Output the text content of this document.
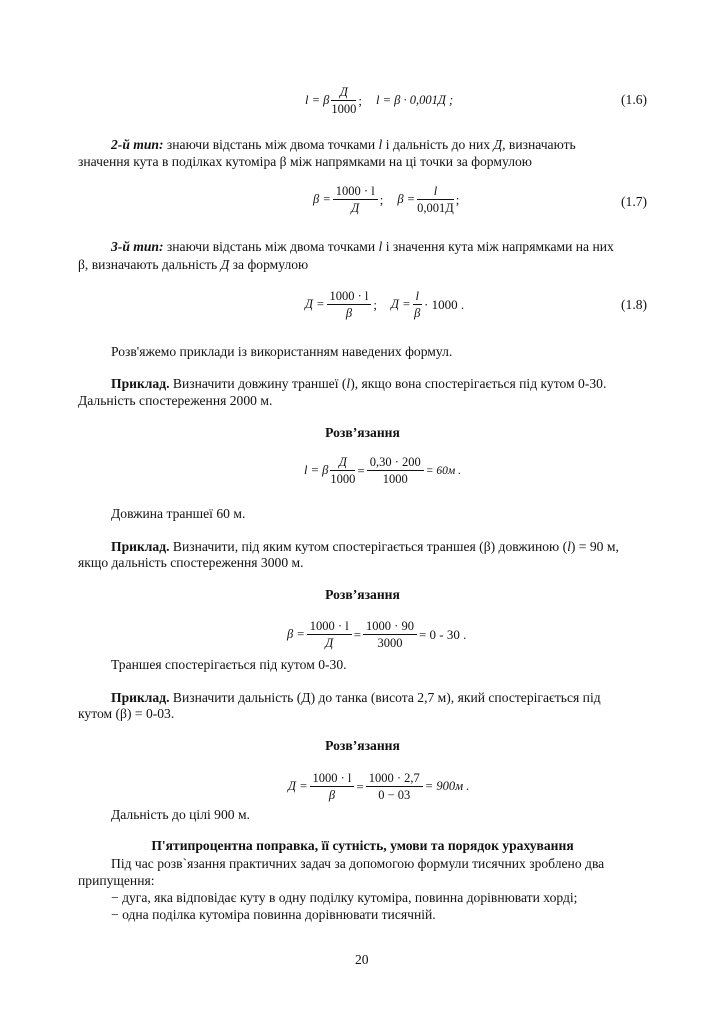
l = β $\frac{Д}{1000}$ ; l = β · 0,001Д ;	(1.6)
2-й тип: знаючи відстань між двома точками l і дальність до них Д, визначають
значення кута в поділках кутоміра β між напрямками на ці точки за формулою
$\beta = \frac{1000 \cdot l}{Д}$ ; $\beta = \frac{l}{0,001Д}$ ;	(1.7)
3-й тип: знаючи відстань між двома точками l і значення кута між напрямками на них
β, визначають дальність Д за формулою
$Д = \frac{1000 \cdot l}{\beta}$ ; $Д = \frac{l}{\beta} \cdot 1000$ .	(1.8)
Розв'яжемо приклади із використанням наведених формул.
Приклад. Визначити довжину траншеї (l), якщо вона спостерігається під кутом 0-30.
Дальність спостереження 2000 м.
Розв’язання
l = β $\frac{Д}{1000} = \frac{0,30 \cdot 200}{1000} = 60м$ .
Довжина траншеї 60 м.
Приклад. Визначити, під яким кутом спостерігається траншея (β) довжиною (l) = 90 м,
якщо дальність спостереження 3000 м.
Розв’язання
$\beta = \frac{1000 \cdot l}{Д} = \frac{1000 \cdot 90}{3000} = 0 - 30$ .
Траншея спостерігається під кутом 0-30.
Приклад. Визначити дальність (Д) до танка (висота 2,7 м), який спостерігається під
кутом (β) = 0-03.
Розв’язання
$Д = \frac{1000 \cdot l}{\beta} = \frac{1000 \cdot 2,7}{0 - 03} = 900м$ .
Дальність до цілі 900 м.
П'ятипроцентна поправка, її сутність, умови та порядок урахування
Під час розв`язання практичних задач за допомогою формули тисячних зроблено два
припущення:
− дуга, яка відповідає куту в одну поділку кутоміра, повинна дорівнювати хорді;
− одна поділка кутоміра повинна дорівнювати тисячній.
20
